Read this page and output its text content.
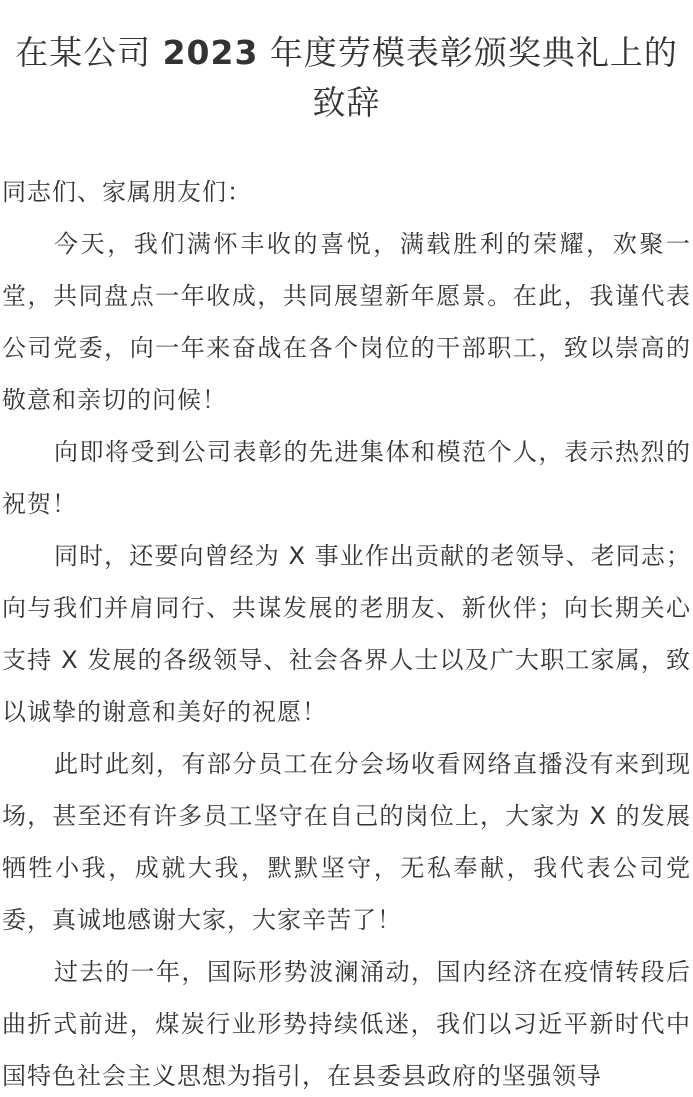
在某公司 2023 年度劳模表彰颁奖典礼上的致辞

同志们、家属朋友们：

今天，我们满怀丰收的喜悦，满载胜利的荣耀，欢聚一堂，共同盘点一年收成，共同展望新年愿景。在此，我谨代表公司党委，向一年来奋战在各个岗位的干部职工，致以崇高的敬意和亲切的问候！

向即将受到公司表彰的先进集体和模范个人，表示热烈的祝贺！

同时，还要向曾经为 X 事业作出贡献的老领导、老同志；向与我们并肩同行、共谋发展的老朋友、新伙伴；向长期关心支持 X 发展的各级领导、社会各界人士以及广大职工家属，致以诚挚的谢意和美好的祝愿！

此时此刻，有部分员工在分会场收看网络直播没有来到现场，甚至还有许多员工坚守在自己的岗位上，大家为 X 的发展牺牲小我，成就大我，默默坚守，无私奉献，我代表公司党委，真诚地感谢大家，大家辛苦了！

过去的一年，国际形势波澜涌动，国内经济在疫情转段后曲折式前进，煤炭行业形势持续低迷，我们以习近平新时代中国特色社会主义思想为指引，在县委县政府的坚强领导
